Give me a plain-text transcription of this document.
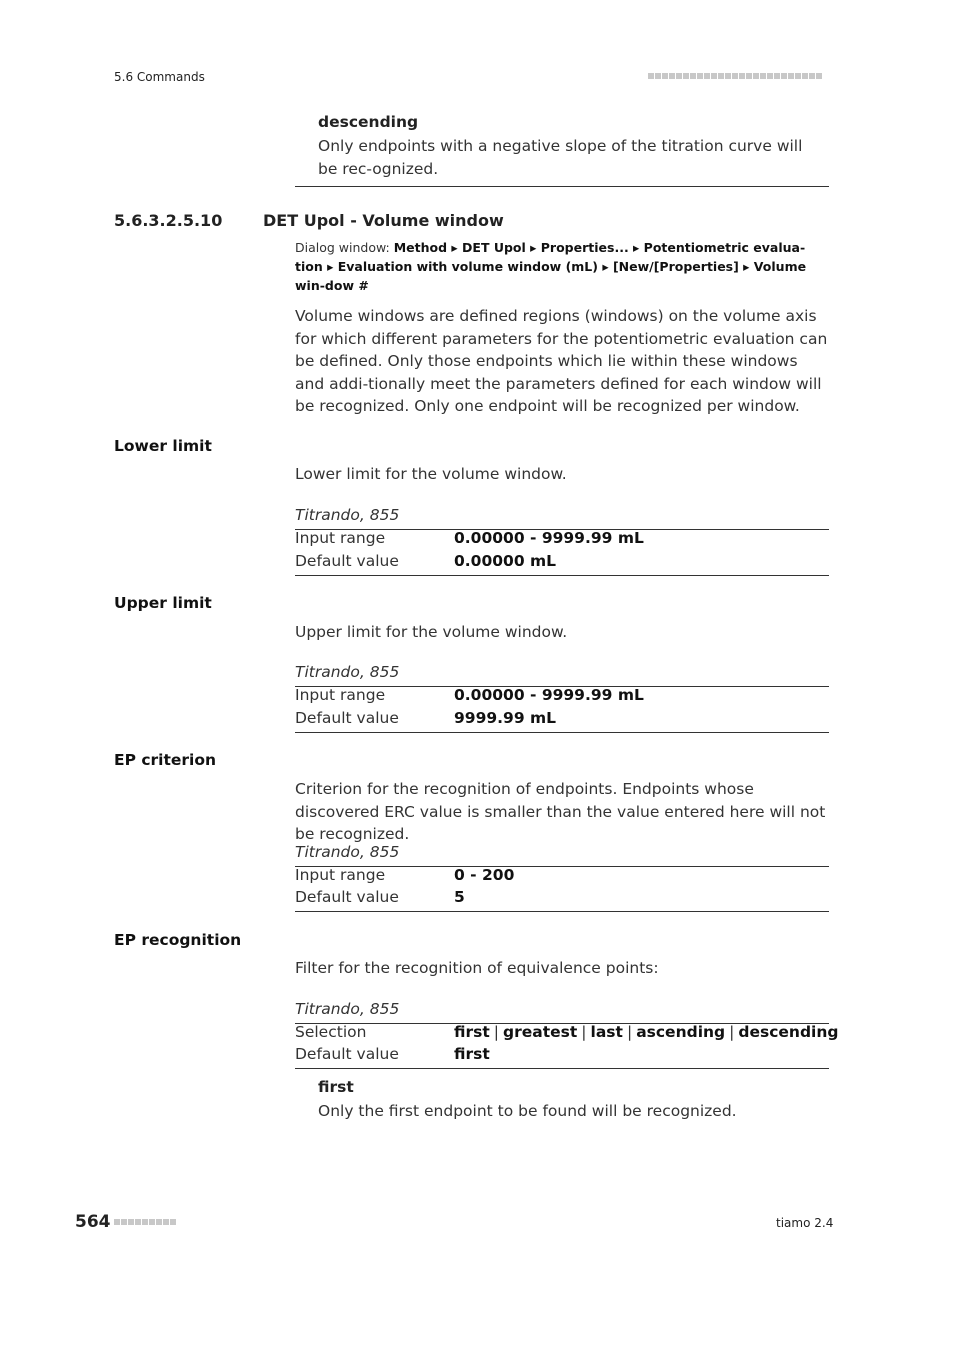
5.6 Commands
descending
Only endpoints with a negative slope of the titration curve will be rec-ognized.
5.6.3.2.5.10	DET Upol - Volume window
Dialog window: Method ▸ DET Upol ▸ Properties... ▸ Potentiometric evalua-tion ▸ Evaluation with volume window (mL) ▸ [New/[Properties] ▸ Volume win-dow #
Volume windows are defined regions (windows) on the volume axis for which different parameters for the potentiometric evaluation can be defined. Only those endpoints which lie within these windows and addi-tionally meet the parameters defined for each window will be recognized. Only one endpoint will be recognized per window.
Lower limit
Lower limit for the volume window.
Titrando, 855
Input range	0.00000 - 9999.99 mL
Default value	0.00000 mL
Upper limit
Upper limit for the volume window.
Titrando, 855
Input range	0.00000 - 9999.99 mL
Default value	9999.99 mL
EP criterion
Criterion for the recognition of endpoints. Endpoints whose discovered ERC value is smaller than the value entered here will not be recognized.
Titrando, 855
Input range	0 - 200
Default value	5
EP recognition
Filter for the recognition of equivalence points:
Titrando, 855
Selection	first | greatest | last | ascending | descending
Default value	first
first
Only the first endpoint to be found will be recognized.
564	tiamo 2.4
